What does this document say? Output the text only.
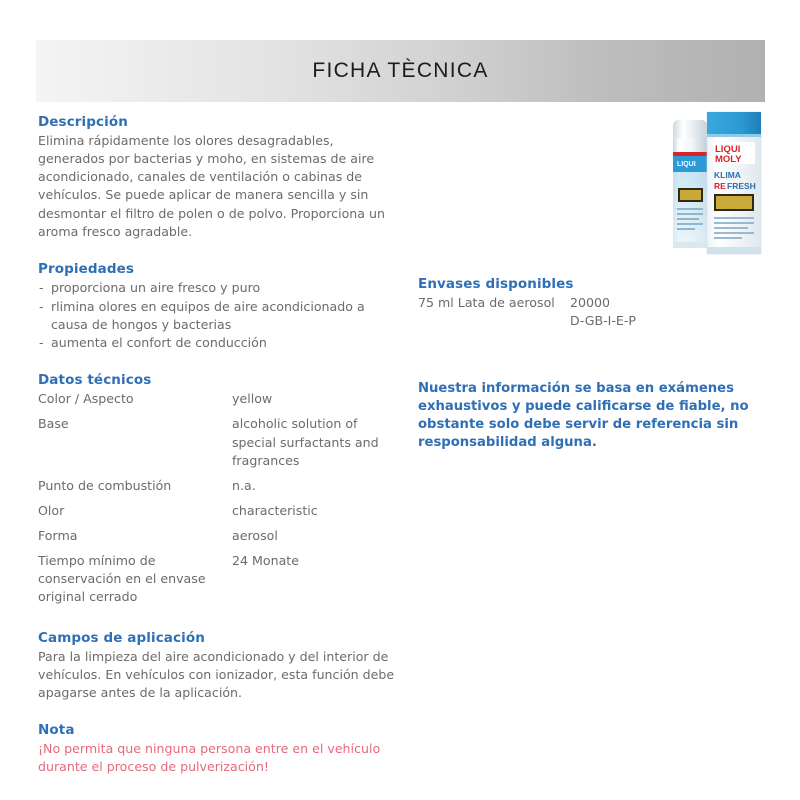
FICHA TÈCNICA
LIQUI
LIQUI
MOLY
KLIMA
RE FRESH
Descripción

Elimina rápidamente los olores desagradables, generados por bacterias y moho, en sistemas de aire acondicionado, canales de ventilación o cabinas de vehículos. Se puede aplicar de manera sencilla y sin desmontar el filtro de polen o de polvo. Proporciona un aroma fresco agradable.

Propiedades
- proporciona un aire fresco y puro
- rlimina olores en equipos de aire acondicionado a causa de hongos y bacterias
- aumenta el confort de conducción
Datos técnicos
Color / Aspecto	yellow
Base	alcoholic solution of special surfactants and fragrances
Punto de combustión	n.a.
Olor	characteristic
Forma	aerosol
Tiempo mínimo de conservación en el envase original cerrado	24 Monate
Campos de aplicación

Para la limpieza del aire acondicionado y del interior de vehículos. En vehículos con ionizador, esta función debe apagarse antes de la aplicación.

Nota

¡No permita que ninguna persona entre en el vehículo durante el proceso de pulverización!

Envases disponibles
75 ml Lata de aerosol	20000
D-GB-I-E-P

Nuestra información se basa en exámenes exhaustivos y puede calificarse de fiable, no obstante solo debe servir de referencia sin responsabilidad alguna.
